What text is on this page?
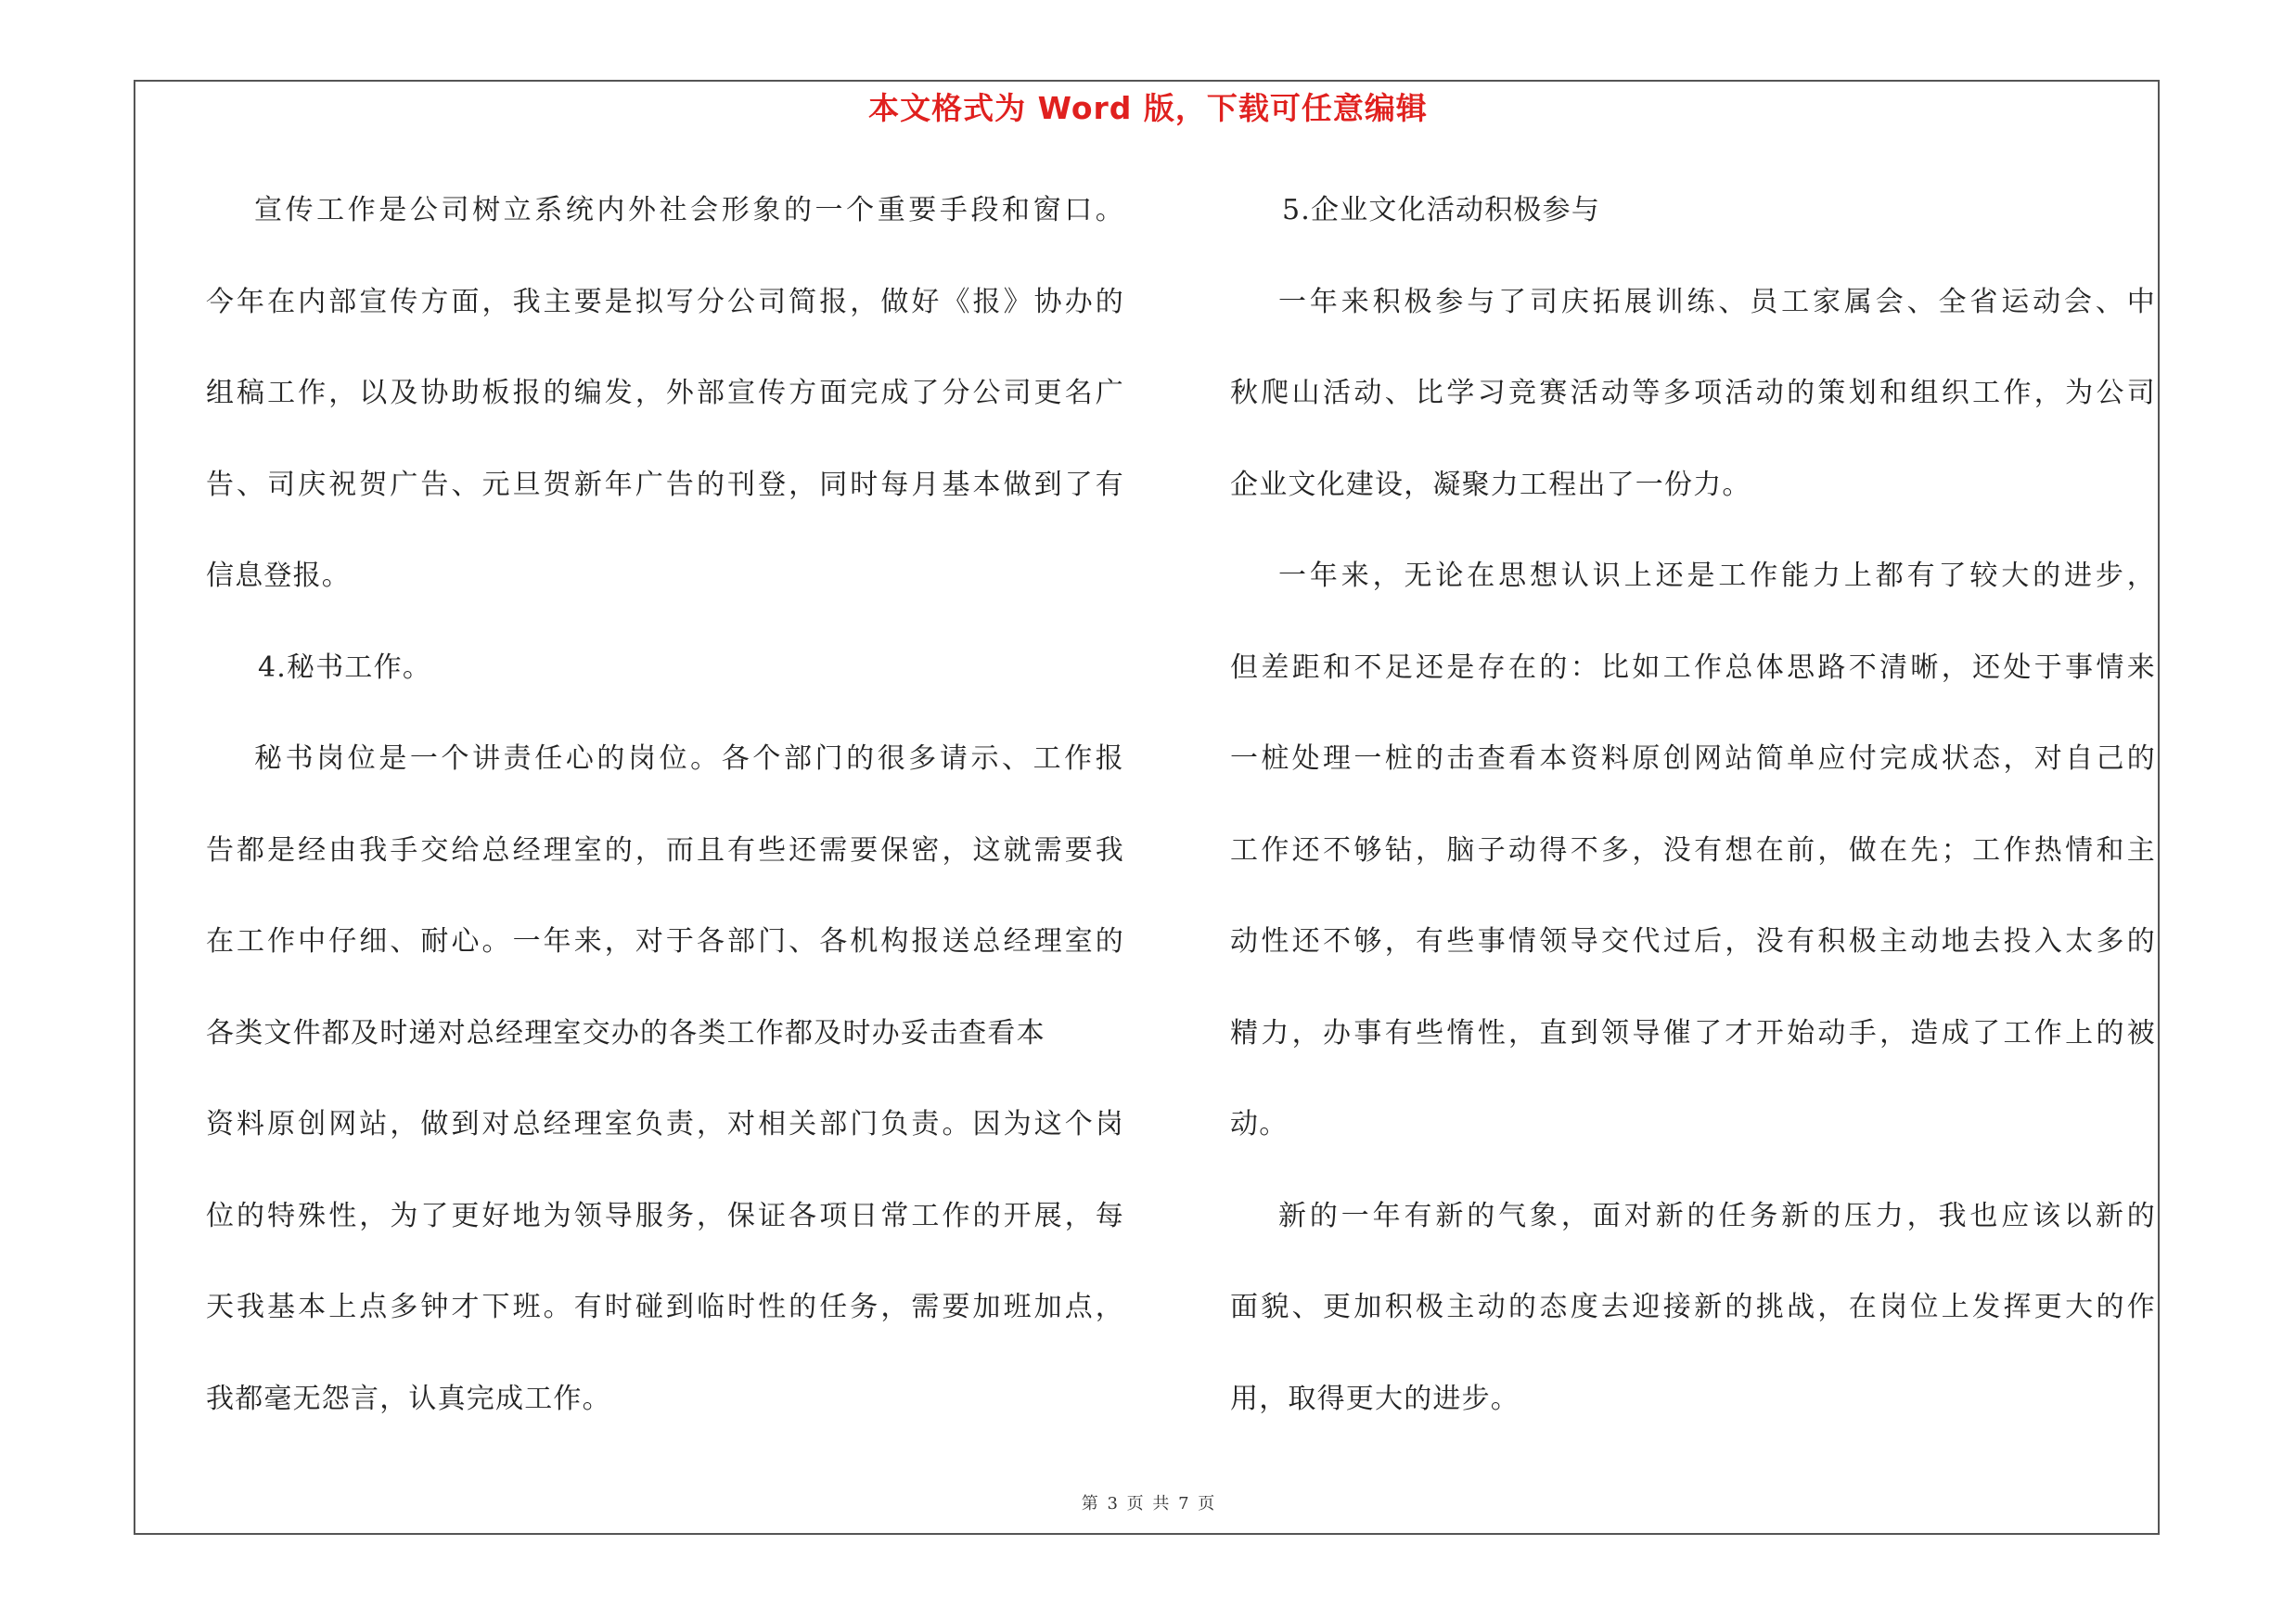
本文格式为 Word 版，下载可任意编辑
宣传工作是公司树立系统内外社会形象的一个重要手段和窗口。
今年在内部宣传方面，我主要是拟写分公司简报，做好《报》协办的
组稿工作，以及协助板报的编发，外部宣传方面完成了分公司更名广
告、司庆祝贺广告、元旦贺新年广告的刊登，同时每月基本做到了有
信息登报。
4.秘书工作。
秘书岗位是一个讲责任心的岗位。各个部门的很多请示、工作报
告都是经由我手交给总经理室的，而且有些还需要保密，这就需要我
在工作中仔细、耐心。一年来，对于各部门、各机构报送总经理室的
各类文件都及时递对总经理室交办的各类工作都及时办妥击查看本
资料原创网站，做到对总经理室负责，对相关部门负责。因为这个岗
位的特殊性，为了更好地为领导服务，保证各项日常工作的开展，每
天我基本上点多钟才下班。有时碰到临时性的任务，需要加班加点，
我都毫无怨言，认真完成工作。
5.企业文化活动积极参与
一年来积极参与了司庆拓展训练、员工家属会、全省运动会、中
秋爬山活动、比学习竞赛活动等多项活动的策划和组织工作，为公司
企业文化建设，凝聚力工程出了一份力。
一年来，无论在思想认识上还是工作能力上都有了较大的进步，
但差距和不足还是存在的：比如工作总体思路不清晰，还处于事情来
一桩处理一桩的击查看本资料原创网站简单应付完成状态，对自己的
工作还不够钻，脑子动得不多，没有想在前，做在先；工作热情和主
动性还不够，有些事情领导交代过后，没有积极主动地去投入太多的
精力，办事有些惰性，直到领导催了才开始动手，造成了工作上的被
动。
新的一年有新的气象，面对新的任务新的压力，我也应该以新的
面貌、更加积极主动的态度去迎接新的挑战，在岗位上发挥更大的作
用，取得更大的进步。
第 3 页 共 7 页
